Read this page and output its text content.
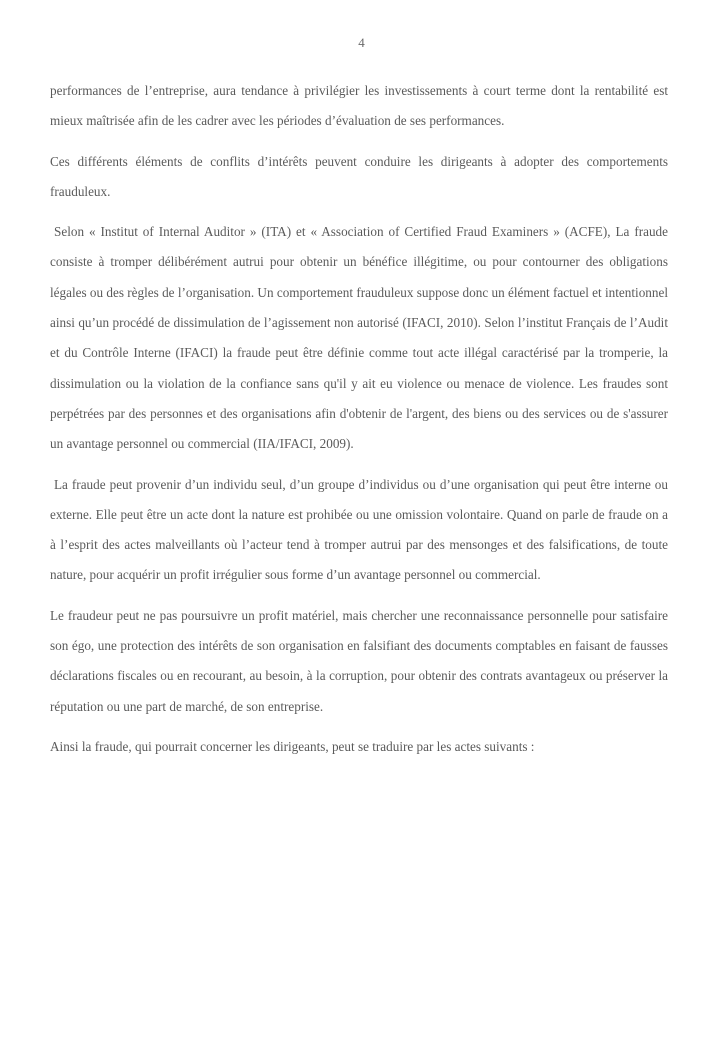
4

performances de l’entreprise, aura tendance à privilégier les investissements à court terme dont la rentabilité est mieux maîtrisée afin de les cadrer avec les périodes d’évaluation de ses performances.

Ces différents éléments de conflits d’intérêts peuvent conduire les dirigeants à adopter des comportements frauduleux.

Selon « Institut of Internal Auditor » (ITA) et « Association of Certified Fraud Examiners » (ACFE), La fraude consiste à tromper délibérément autrui pour obtenir un bénéfice illégitime, ou pour contourner des obligations légales ou des règles de l’organisation. Un comportement frauduleux suppose donc un élément factuel et intentionnel ainsi qu’un procédé de dissimulation de l’agissement non autorisé (IFACI, 2010). Selon l’institut Français de l’Audit et du Contrôle Interne (IFACI) la fraude peut être définie comme tout acte illégal caractérisé par la tromperie, la dissimulation ou la violation de la confiance sans qu'il y ait eu violence ou menace de violence. Les fraudes sont perpétrées par des personnes et des organisations afin d'obtenir de l'argent, des biens ou des services ou de s'assurer un avantage personnel ou commercial (IIA/IFACI, 2009).

La fraude peut provenir d’un individu seul, d’un groupe d’individus ou d’une organisation qui peut être interne ou externe. Elle peut être un acte dont la nature est prohibée ou une omission volontaire. Quand on parle de fraude on a à l’esprit des actes malveillants où l’acteur tend à tromper autrui par des mensonges et des falsifications, de toute nature, pour acquérir un profit irrégulier sous forme d’un avantage personnel ou commercial.

Le fraudeur peut ne pas poursuivre un profit matériel, mais chercher une reconnaissance personnelle pour satisfaire son égo, une protection des intérêts de son organisation en falsifiant des documents comptables en faisant de fausses déclarations fiscales ou en recourant, au besoin, à la corruption, pour obtenir des contrats avantageux ou préserver la réputation ou une part de marché, de son entreprise.

Ainsi la fraude, qui pourrait concerner les dirigeants, peut se traduire par les actes suivants :
